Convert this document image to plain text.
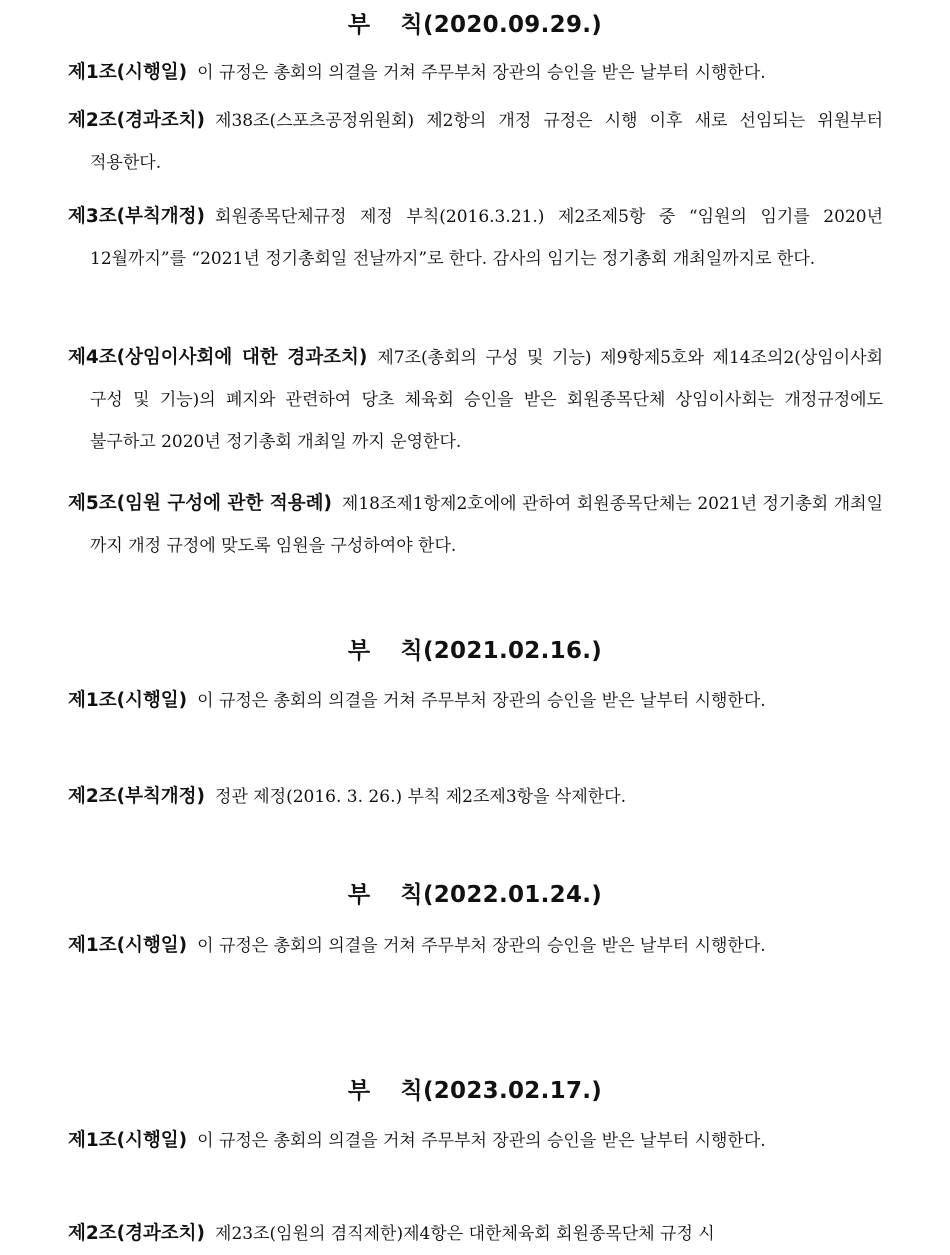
부 칙(2020.09.29.)
제1조(시행일) 이 규정은 총회의 의결을 거쳐 주무부처 장관의 승인을 받은 날부터 시행한다.
제2조(경과조치) 제38조(스포츠공정위원회) 제2항의 개정 규정은 시행 이후 새로 선임되는 위원부터 적용한다.
제3조(부칙개정) 회원종목단체규정 제정 부칙(2016.3.21.) 제2조제5항 중 “임원의 임기를 2020년 12월까지”를 “2021년 정기총회일 전날까지”로 한다. 감사의 임기는 정기총회 개최일까지로 한다.
제4조(상임이사회에 대한 경과조치) 제7조(총회의 구성 및 기능) 제9항제5호와 제14조의2(상임이사회 구성 및 기능)의 폐지와 관련하여 당초 체육회 승인을 받은 회원종목단체 상임이사회는 개정규정에도 불구하고 2020년 정기총회 개최일 까지 운영한다.
제5조(임원 구성에 관한 적용례) 제18조제1항제2호에에 관하여 회원종목단체는 2021년 정기총회 개최일 까지 개정 규정에 맞도록 임원을 구성하여야 한다.
부 칙(2021.02.16.)
제1조(시행일) 이 규정은 총회의 의결을 거쳐 주무부처 장관의 승인을 받은 날부터 시행한다.
제2조(부칙개정) 정관 제정(2016. 3. 26.) 부칙 제2조제3항을 삭제한다.
부 칙(2022.01.24.)
제1조(시행일) 이 규정은 총회의 의결을 거쳐 주무부처 장관의 승인을 받은 날부터 시행한다.
부 칙(2023.02.17.)
제1조(시행일) 이 규정은 총회의 의결을 거쳐 주무부처 장관의 승인을 받은 날부터 시행한다.
제2조(경과조치) 제23조(임원의 겸직제한)제4항은 대한체육회 회원종목단체 규정 시
